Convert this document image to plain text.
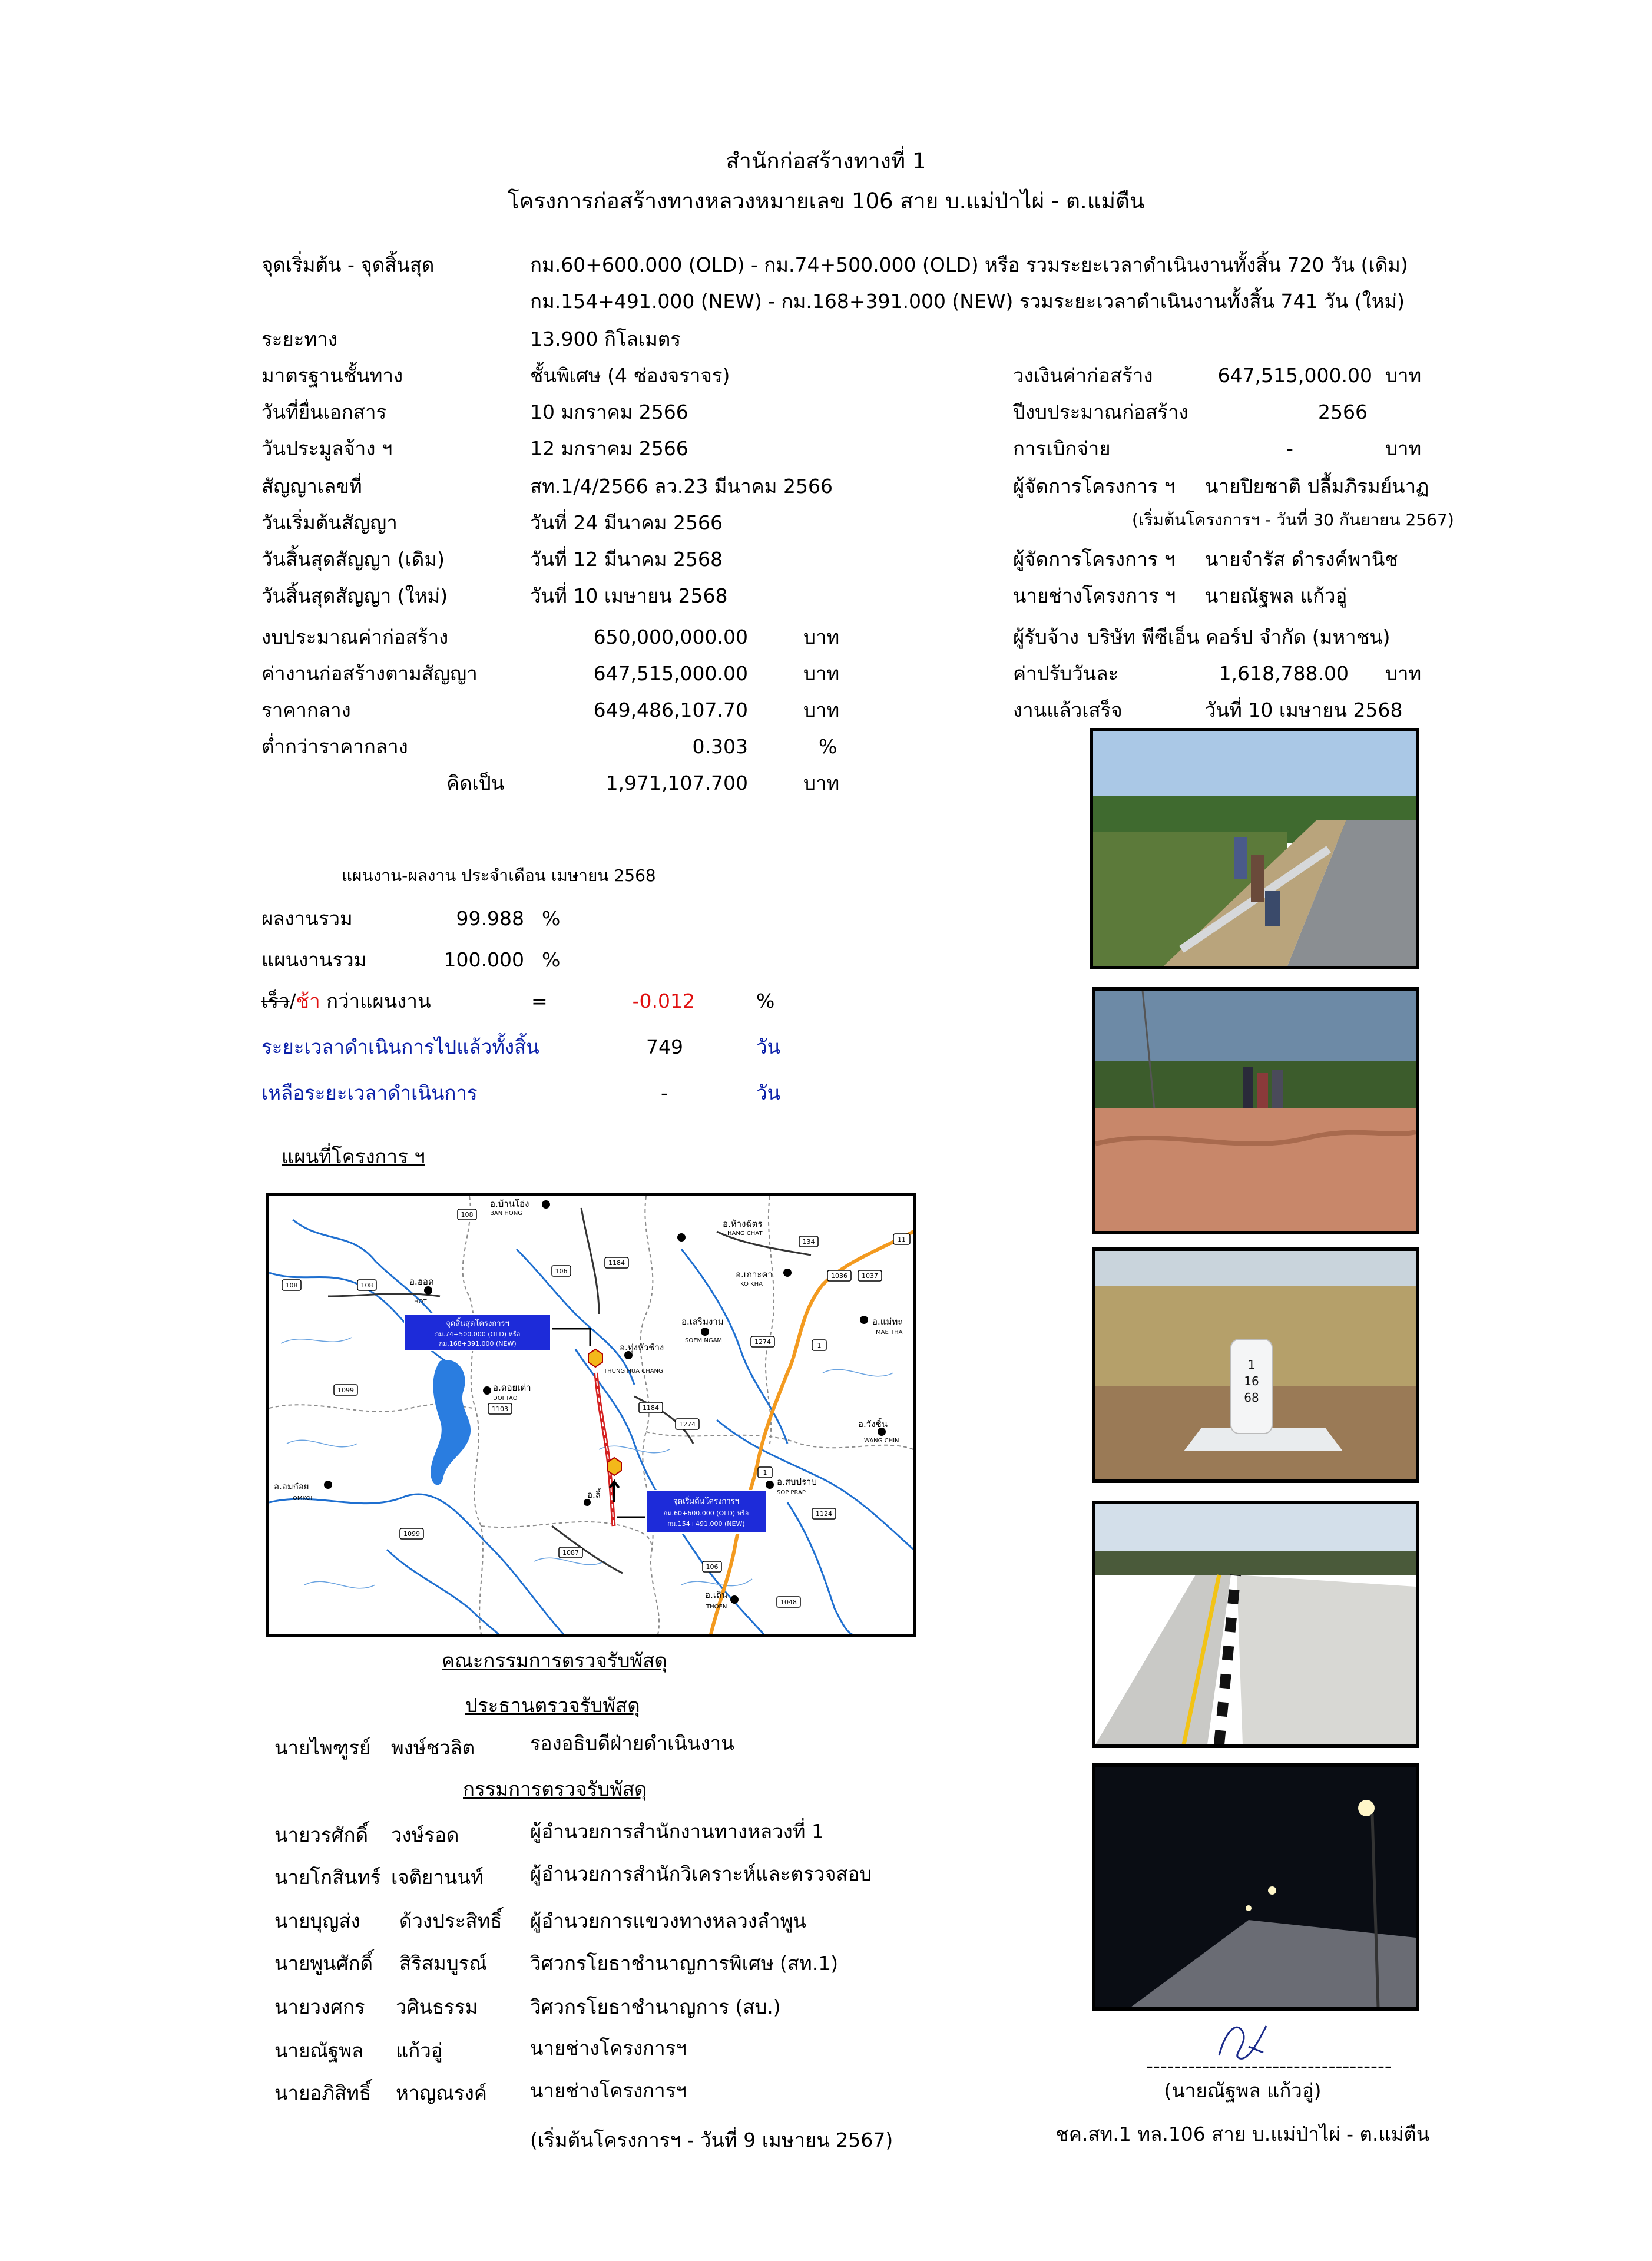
สำนักก่อสร้างทางที่ 1
โครงการก่อสร้างทางหลวงหมายเลข 106 สาย บ.แม่ป่าไผ่ - ต.แม่ตืน
จุดเริ่มต้น - จุดสิ้นสุด	กม.60+600.000 (OLD) - กม.74+500.000 (OLD) หรือ รวมระยะเวลาดำเนินงานทั้งสิ้น 720 วัน (เดิม)
กม.154+491.000 (NEW) - กม.168+391.000 (NEW) รวมระยะเวลาดำเนินงานทั้งสิ้น 741 วัน (ใหม่)
ระยะทาง	13.900 กิโลเมตร
มาตรฐานชั้นทาง	ชั้นพิเศษ (4 ช่องจราจร)
วันที่ยื่นเอกสาร	10 มกราคม 2566
วันประมูลจ้าง ฯ	12 มกราคม 2566
สัญญาเลขที่	สท.1/4/2566 ลว.23 มีนาคม 2566
วันเริ่มต้นสัญญา	วันที่ 24 มีนาคม 2566
วันสิ้นสุดสัญญา (เดิม)	วันที่ 12 มีนาคม 2568
วันสิ้นสุดสัญญา (ใหม่)	วันที่ 10 เมษายน 2568
วงเงินค่าก่อสร้าง	647,515,000.00 บาท
ปีงบประมาณก่อสร้าง	2566
การเบิกจ่าย	-	บาท
ผู้จัดการโครงการ ฯ นายปิยชาติ ปลื้มภิรมย์นาฏ
(เริ่มต้นโครงการฯ - วันที่ 30 กันยายน 2567)
ผู้จัดการโครงการ ฯ นายจำรัส ดำรงค์พานิช
นายช่างโครงการ ฯ นายณัฐพล แก้วอู่
งบประมาณค่าก่อสร้าง	650,000,000.00	บาท
ค่างานก่อสร้างตามสัญญา	647,515,000.00	บาท
ราคากลาง	649,486,107.70	บาท
ต่ำกว่าราคากลาง	0.303	%
คิดเป็น	1,971,107.700	บาท
ผู้รับจ้าง บริษัท พีซีเอ็น คอร์ป จำกัด (มหาชน)
ค่าปรับวันละ	1,618,788.00 บาท
งานแล้วเสร็จ	วันที่ 10 เมษายน 2568
แผนงาน-ผลงาน ประจำเดือน เมษายน 2568
ผลงานรวม	99.988 %
แผนงานรวม	100.000 %
เร็ว/ช้า กว่าแผนงาน	=	-0.012	%
ระยะเวลาดำเนินการไปแล้วทั้งสิ้น	749	วัน
เหลือระยะเวลาดำเนินการ	-	วัน
แผนที่โครงการ ฯ
จุดสิ้นสุดโครงการฯ
กม.74+500.000 (OLD) หรือ
กม.168+391.000 (NEW)
จุดเริ่มต้นโครงการฯ
กม.60+600.000 (OLD) หรือ
กม.154+491.000 (NEW)
อ.บ้านโฮ่ง
BAN HONG
อ.ห้างฉัตร
HANG CHAT
อ.เกาะคา
KO KHA
อ.ฮอด
HOT
อ.เสริมงาม
SOEM NGAM
อ.แม่ทะ
MAE THA
อ.ทุ่งหัวช้าง
THUNG HUA CHANG
อ.ดอยเต่า
DOI TAO
อ.วังชิ้น
WANG CHIN
อ.สบปราบ
SOP PRAP
อ.อมก๋อย
OMKOI	อ.ลี้
อ.เถิน
THOEN
108
106
1184
134	11
108	108
1036 1037
1099
1274	1
1103	1184
1274
1
1124
1099
1087
106
1048
1
16
68
คณะกรรมการตรวจรับพัสดุ
ประธานตรวจรับพัสดุ
นายไพฑูรย์ พงษ์ชวลิต	รองอธิบดีฝ่ายดำเนินงาน
กรรมการตรวจรับพัสดุ
นายวรศักดิ์ วงษ์รอด	ผู้อำนวยการสำนักงานทางหลวงที่ 1
นายโกสินทร์ เจติยานนท์ ผู้อำนวยการสำนักวิเคราะห์และตรวจสอบ
นายบุญส่ง ด้วงประสิทธิ์ ผู้อำนวยการแขวงทางหลวงลำพูน
นายพูนศักดิ์ สิริสมบูรณ์ วิศวกรโยธาชำนาญการพิเศษ (สท.1)
นายวงศกร วศินธรรม	วิศวกรโยธาชำนาญการ (สบ.)
นายณัฐพล แก้วอู่	นายช่างโครงการฯ
นายอภิสิทธิ์ หาญณรงค์ นายช่างโครงการฯ
(เริ่มต้นโครงการฯ - วันที่ 9 เมษายน 2567)
-----------------------------------
(นายณัฐพล แก้วอู่)
ชค.สท.1 ทล.106 สาย บ.แม่ป่าไผ่ - ต.แม่ตืน
